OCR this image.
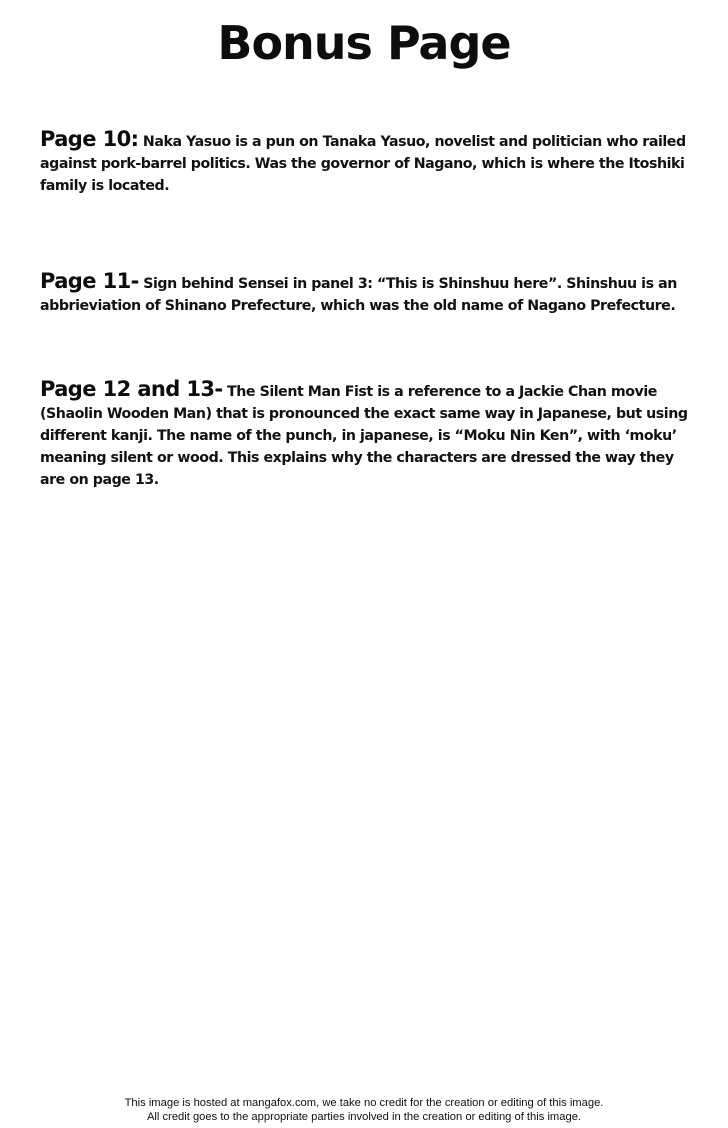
Bonus Page

Page 10: Naka Yasuo is a pun on Tanaka Yasuo, novelist and politician who railed against pork-barrel politics. Was the governor of Nagano, which is where the Itoshiki family is located.

Page 11- Sign behind Sensei in panel 3: “This is Shinshuu here”. Shinshuu is an abbrieviation of Shinano Prefecture, which was the old name of Nagano Prefecture.

Page 12 and 13- The Silent Man Fist is a reference to a Jackie Chan movie (Shaolin Wooden Man) that is pronounced the exact same way in Japanese, but using different kanji. The name of the punch, in japanese, is “Moku Nin Ken”, with ‘moku’ meaning silent or wood. This explains why the characters are dressed the way they are on page 13.

This image is hosted at mangafox.com, we take no credit for the creation or editing of this image.
All credit goes to the appropriate parties involved in the creation or editing of this image.
